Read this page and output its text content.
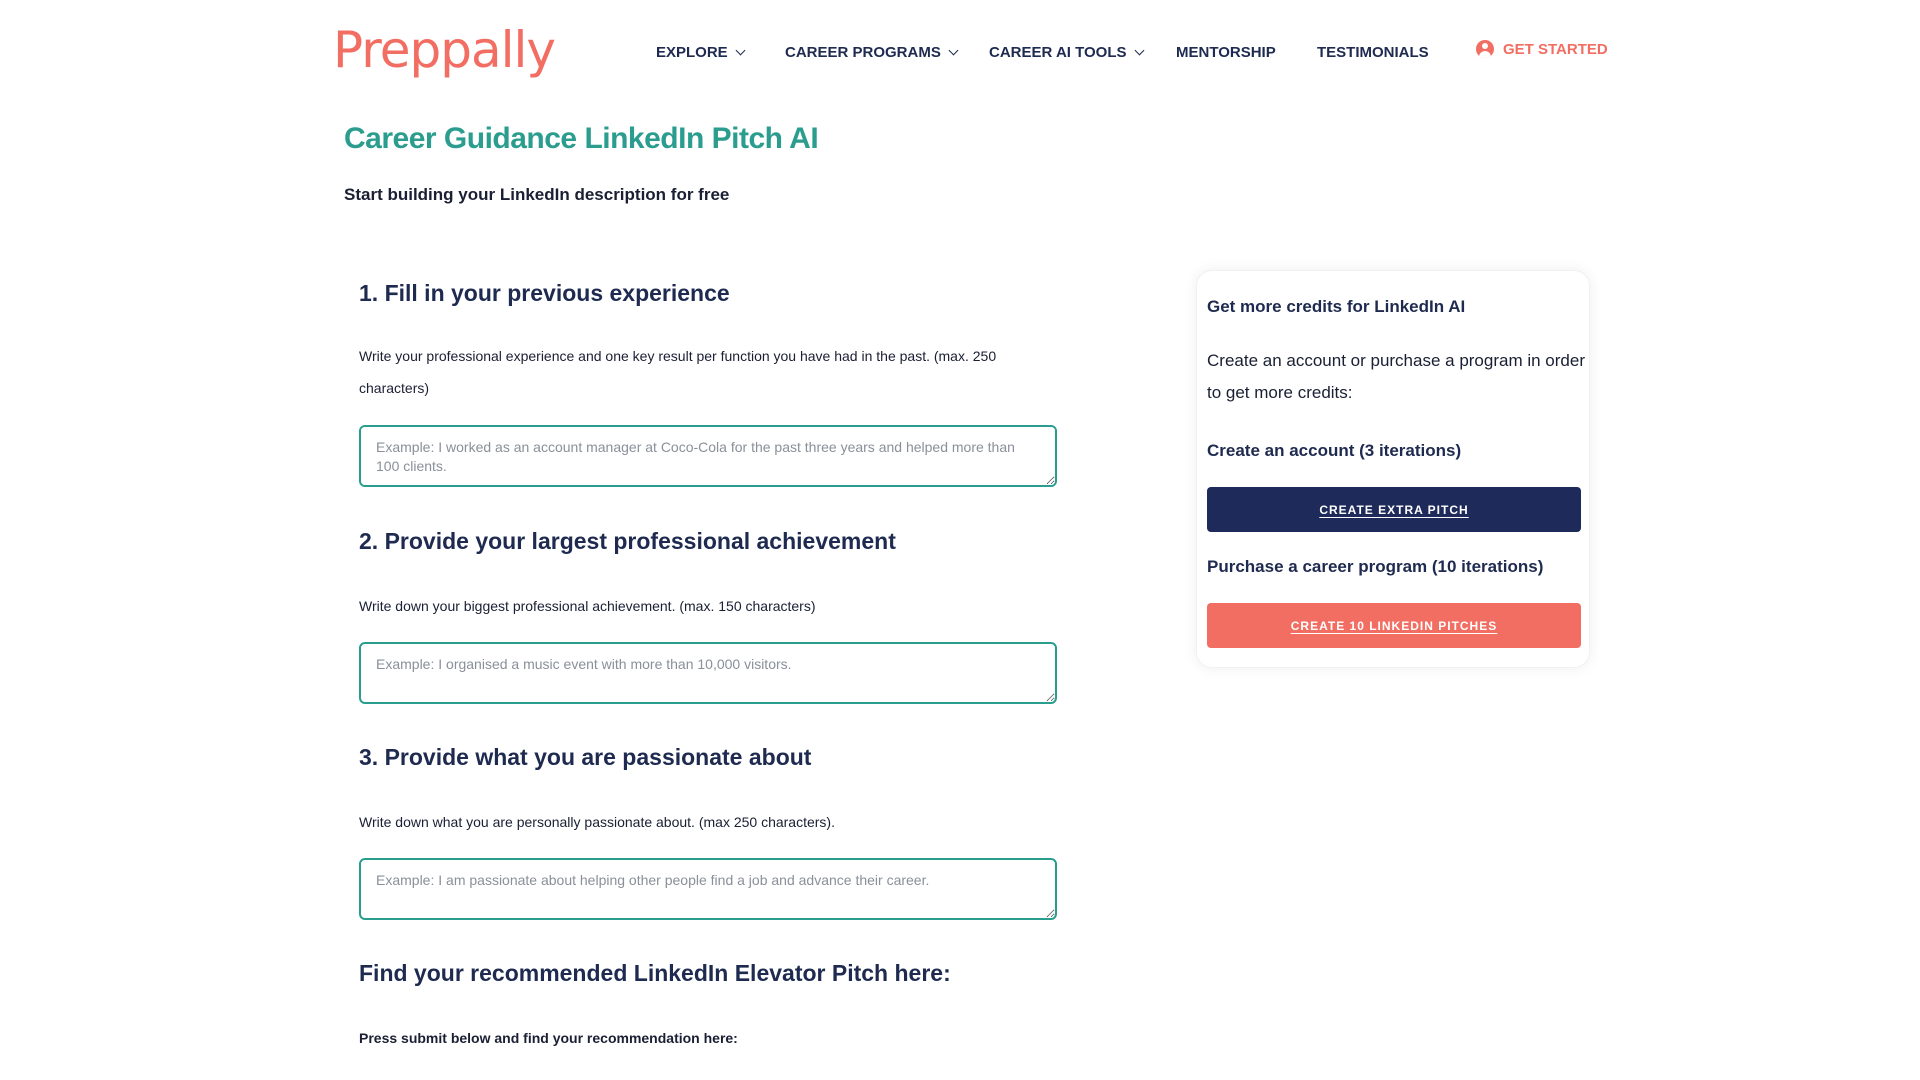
Preppally	EXPLORE	CAREER PROGRAMS	CAREER AI TOOLS	MENTORSHIP	TESTIMONIALS	GET STARTED
Career Guidance LinkedIn Pitch AI

Start building your LinkedIn description for free

1. Fill in your previous experience

Write your professional experience and one key result per function you have had in the past. (max. 250 characters)

Example: I worked as an account manager at Coco-Cola for the past three years and helped more than 100 clients.
2. Provide your largest professional achievement

Write down your biggest professional achievement. (max. 150 characters)

Example: I organised a music event with more than 10,000 visitors.
3. Provide what you are passionate about

Write down what you are personally passionate about. (max 250 characters).

Example: I am passionate about helping other people find a job and advance their career.
Find your recommended LinkedIn Elevator Pitch here:

Press submit below and find your recommendation here:

Get more credits for LinkedIn AI

Create an account or purchase a program in order to get more credits:

Create an account (3 iterations)
CREATE EXTRA PITCH
Purchase a career program (10 iterations)
CREATE 10 LINKEDIN PITCHES
